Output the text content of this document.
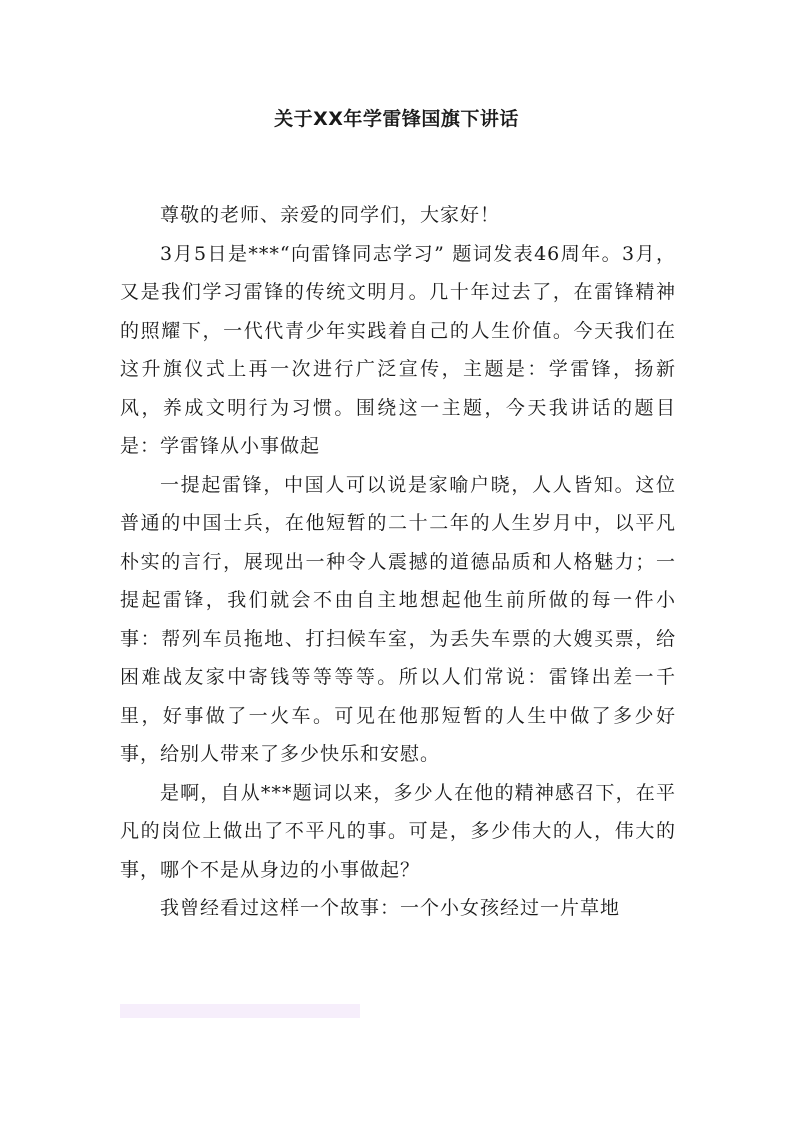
关于XX年学雷锋国旗下讲话

尊敬的老师、亲爱的同学们，大家好！

3月5日是***“向雷锋同志学习” 题词发表46周年。3月，又是我们学习雷锋的传统文明月。几十年过去了，在雷锋精神的照耀下，一代代青少年实践着自己的人生价值。今天我们在这升旗仪式上再一次进行广泛宣传，主题是：学雷锋，扬新风，养成文明行为习惯。围绕这一主题，今天我讲话的题目是：学雷锋从小事做起

一提起雷锋，中国人可以说是家喻户晓，人人皆知。这位普通的中国士兵，在他短暂的二十二年的人生岁月中，以平凡朴实的言行，展现出一种令人震撼的道德品质和人格魅力；一提起雷锋，我们就会不由自主地想起他生前所做的每一件小事：帮列车员拖地、打扫候车室，为丢失车票的大嫂买票，给困难战友家中寄钱等等等等。所以人们常说：雷锋出差一千里，好事做了一火车。可见在他那短暂的人生中做了多少好事，给别人带来了多少快乐和安慰。

是啊，自从***题词以来，多少人在他的精神感召下，在平凡的岗位上做出了不平凡的事。可是，多少伟大的人，伟大的事，哪个不是从身边的小事做起？

我曾经看过这样一个故事：一个小女孩经过一片草地
